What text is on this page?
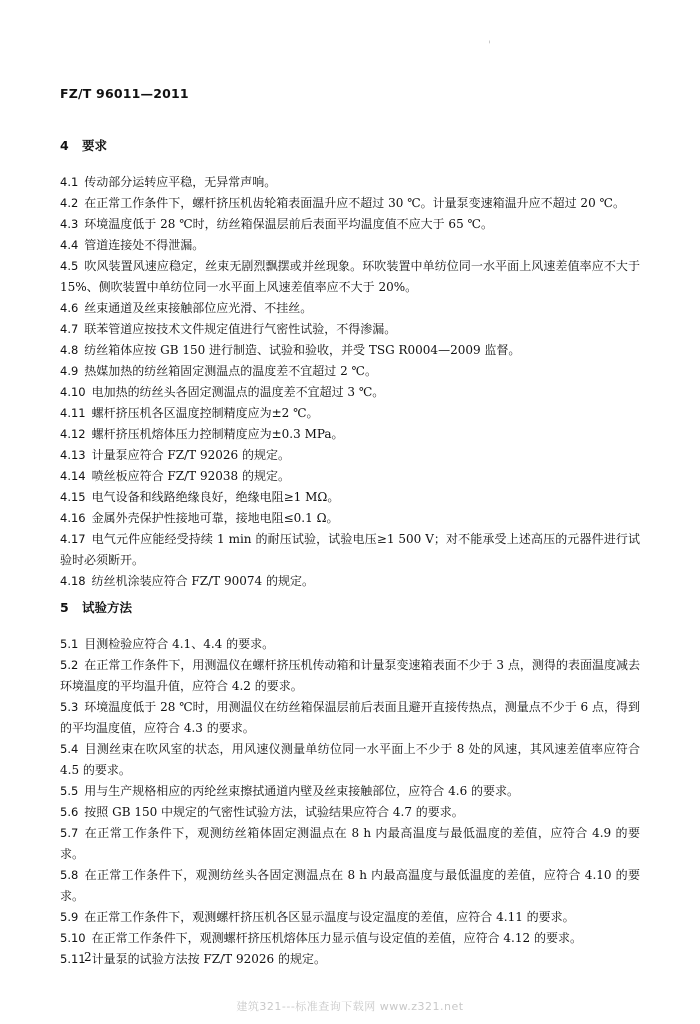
'
FZ/T 96011—2011
4 要求

4.1 传动部分运转应平稳，无异常声响。

4.2 在正常工作条件下，螺杆挤压机齿轮箱表面温升应不超过 30 ℃。计量泵变速箱温升应不超过 20 ℃。

4.3 环境温度低于 28 ℃时，纺丝箱保温层前后表面平均温度值不应大于 65 ℃。

4.4 管道连接处不得泄漏。

4.5 吹风装置风速应稳定，丝束无剧烈飘摆或并丝现象。环吹装置中单纺位同一水平面上风速差值率应不大于 15%、侧吹装置中单纺位同一水平面上风速差值率应不大于 20%。

4.6 丝束通道及丝束接触部位应光滑、不挂丝。

4.7 联苯管道应按技术文件规定值进行气密性试验，不得渗漏。

4.8 纺丝箱体应按 GB 150 进行制造、试验和验收，并受 TSG R0004—2009 监督。

4.9 热媒加热的纺丝箱固定测温点的温度差不宜超过 2 ℃。

4.10 电加热的纺丝头各固定测温点的温度差不宜超过 3 ℃。

4.11 螺杆挤压机各区温度控制精度应为±2 ℃。

4.12 螺杆挤压机熔体压力控制精度应为±0.3 MPa。

4.13 计量泵应符合 FZ/T 92026 的规定。

4.14 喷丝板应符合 FZ/T 92038 的规定。

4.15 电气设备和线路绝缘良好，绝缘电阻≥1 MΩ。

4.16 金属外壳保护性接地可靠，接地电阻≤0.1 Ω。

4.17 电气元件应能经受持续 1 min 的耐压试验，试验电压≥1 500 V；对不能承受上述高压的元器件进行试验时必须断开。

4.18 纺丝机涂装应符合 FZ/T 90074 的规定。

5 试验方法

5.1 目测检验应符合 4.1、4.4 的要求。

5.2 在正常工作条件下，用测温仪在螺杆挤压机传动箱和计量泵变速箱表面不少于 3 点，测得的表面温度减去环境温度的平均温升值，应符合 4.2 的要求。

5.3 环境温度低于 28 ℃时，用测温仪在纺丝箱保温层前后表面且避开直接传热点，测量点不少于 6 点，得到的平均温度值，应符合 4.3 的要求。

5.4 目测丝束在吹风室的状态，用风速仪测量单纺位同一水平面上不少于 8 处的风速，其风速差值率应符合 4.5 的要求。

5.5 用与生产规格相应的丙纶丝束擦拭通道内壁及丝束接触部位，应符合 4.6 的要求。

5.6 按照 GB 150 中规定的气密性试验方法，试验结果应符合 4.7 的要求。

5.7 在正常工作条件下，观测纺丝箱体固定测温点在 8 h 内最高温度与最低温度的差值，应符合 4.9 的要求。

5.8 在正常工作条件下，观测纺丝头各固定测温点在 8 h 内最高温度与最低温度的差值，应符合 4.10 的要求。

5.9 在正常工作条件下，观测螺杆挤压机各区显示温度与设定温度的差值，应符合 4.11 的要求。

5.10 在正常工作条件下，观测螺杆挤压机熔体压力显示值与设定值的差值，应符合 4.12 的要求。

5.11 计量泵的试验方法按 FZ/T 92026 的规定。

2
建筑321---标准查询下载网 www.z321.net
